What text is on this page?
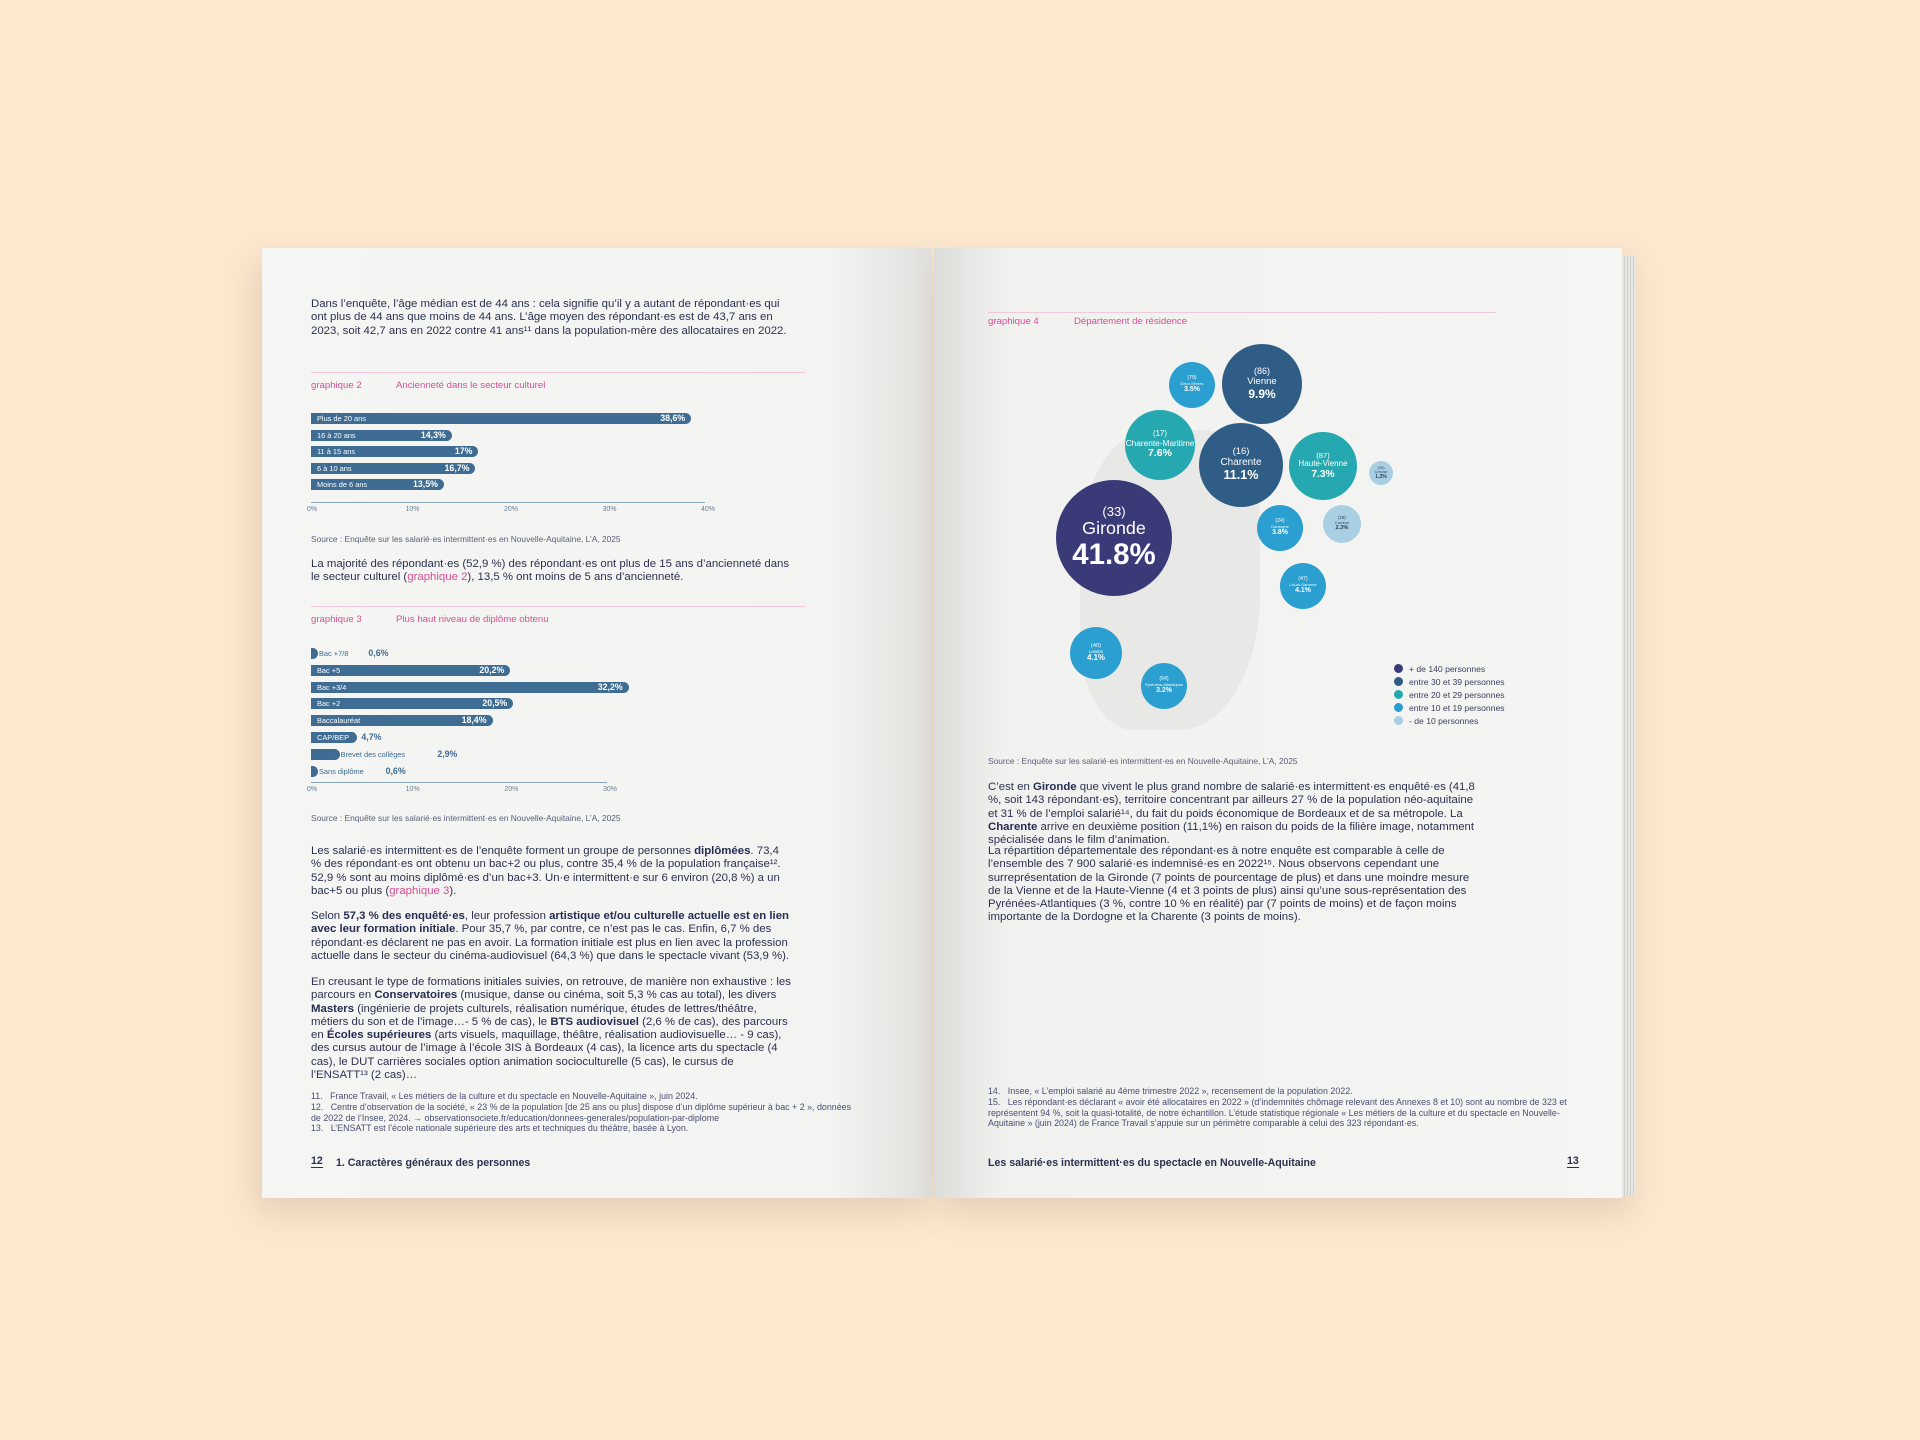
Dans l’enquête, l’âge médian est de 44 ans : cela signifie qu’il y a autant de répondant·es qui ont plus de 44 ans que moins de 44 ans. L’âge moyen des répondant·es est de 43,7 ans en 2023, soit 42,7 ans en 2022 contre 41 ans¹¹ dans la population-mère des allocataires en 2022.

graphique 2	Ancienneté dans le secteur culturel
Plus de 20 ans	38,6%
16 à 20 ans	14,3%
11 à 15 ans	17%
6 à 10 ans	16,7%
Moins de 6 ans	13,5%
0%	10%	20%	30%	40%
Source : Enquête sur les salarié·es intermittent·es en Nouvelle-Aquitaine, L’A, 2025

La majorité des répondant·es (52,9 %) des répondant·es ont plus de 15 ans d’ancienneté dans le secteur culturel (graphique 2), 13,5 % ont moins de 5 ans d’ancienneté.

graphique 3	Plus haut niveau de diplôme obtenu
Bac +7/8 0,6%
Bac +5	20,2%
Bac +3/4	32,2%
Bac +2	20,5%
Baccalauréat	18,4%
CAP/BEP 4,7%
Brevet des collèges	2,9%
Sans diplôme 0,6%
0%	10%	20%	30%
Source : Enquête sur les salarié·es intermittent·es en Nouvelle-Aquitaine, L’A, 2025

Les salarié·es intermittent·es de l’enquête forment un groupe de personnes diplômées. 73,4 % des répondant·es ont obtenu un bac+2 ou plus, contre 35,4 % de la population française¹². 52,9 % sont au moins diplômé·es d’un bac+3. Un·e intermittent·e sur 6 environ (20,8 %) a un bac+5 ou plus (graphique 3).

Selon 57,3 % des enquêté·es, leur profession artistique et/ou culturelle actuelle est en lien avec leur formation initiale. Pour 35,7 %, par contre, ce n’est pas le cas. Enfin, 6,7 % des répondant·es déclarent ne pas en avoir. La formation initiale est plus en lien avec la profession actuelle dans le secteur du cinéma-audiovisuel (64,3 %) que dans le spectacle vivant (53,9 %).

En creusant le type de formations initiales suivies, on retrouve, de manière non exhaustive : les parcours en Conservatoires (musique, danse ou cinéma, soit 5,3 % cas au total), les divers Masters (ingénierie de projets culturels, réalisation numérique, études de lettres/théâtre, métiers du son et de l’image…- 5 % de cas), le BTS audiovisuel (2,6 % de cas), des parcours en Écoles supérieures (arts visuels, maquillage, théâtre, réalisation audiovisuelle… - 9 cas), des cursus autour de l’image à l’école 3IS à Bordeaux (4 cas), la licence arts du spectacle (4 cas), le DUT carrières sociales option animation socioculturelle (5 cas), le cursus de l’ENSATT¹³ (2 cas)…

11.   France Travail, « Les métiers de la culture et du spectacle en Nouvelle-Aquitaine », juin 2024.
12.   Centre d’observation de la société, « 23 % de la population [de 25 ans ou plus] dispose d’un diplôme supérieur à bac + 2 », données de 2022 de l’Insee, 2024. → observationsociete.fr/education/donnees-generales/population-par-diplome
13.   L’ENSATT est l’école nationale supérieure des arts et techniques du théâtre, basée à Lyon.
12 1. Caractères généraux des personnes
graphique 4	Département de résidence
(33)
Gironde
41.8%
(86)
Vienne
9.9%
(16)
Charente
11.1%
(17)
Charente-Maritime
7.6%	(87)
Haute-Vienne
7.3%
(79)
Deux-Sèvres
3.5%
(24)
Dordogne
3.8%
(47)
Lot-et-Garonne
4.1%
(40)
Landes
4.1%
(64)
Pyrénées-Atlantiques
3.2%
(19)
Corrèze
2.3%
(23)
Creuse
1.2%
+ de 140 personnes
entre 30 et 39 personnes
entre 20 et 29 personnes
entre 10 et 19 personnes
- de 10 personnes
Source : Enquête sur les salarié·es intermittent·es en Nouvelle-Aquitaine, L’A, 2025

C’est en Gironde que vivent le plus grand nombre de salarié·es intermittent·es enquêté·es (41,8 %, soit 143 répondant·es), territoire concentrant par ailleurs 27 % de la population néo-aquitaine et 31 % de l’emploi salarié¹⁴, du fait du poids économique de Bordeaux et de sa métropole. La Charente arrive en deuxième position (11,1%) en raison du poids de la filière image, notamment spécialisée dans le film d’animation.

La répartition départementale des répondant·es à notre enquête est comparable à celle de l’ensemble des 7 900 salarié·es indemnisé·es en 2022¹⁵. Nous observons cependant une surreprésentation de la Gironde (7 points de pourcentage de plus) et dans une moindre mesure de la Vienne et de la Haute-Vienne (4 et 3 points de plus) ainsi qu’une sous-représentation des Pyrénées-Atlantiques (3 %, contre 10 % en réalité) par (7 points de moins) et de façon moins importante de la Dordogne et la Charente (3 points de moins).

14.   Insee, « L’emploi salarié au 4ème trimestre 2022 », recensement de la population 2022.
15.   Les répondant·es déclarant « avoir été allocataires en 2022 » (d’indemnités chômage relevant des Annexes 8 et 10) sont au nombre de 323 et représentent 94 %, soit la quasi-totalité, de notre échantillon. L’étude statistique régionale « Les métiers de la culture et du spectacle en Nouvelle-Aquitaine » (juin 2024) de France Travail s’appuie sur un périmètre comparable à celui des 323 répondant·es.
Les salarié·es intermittent·es du spectacle en Nouvelle-Aquitaine	13
